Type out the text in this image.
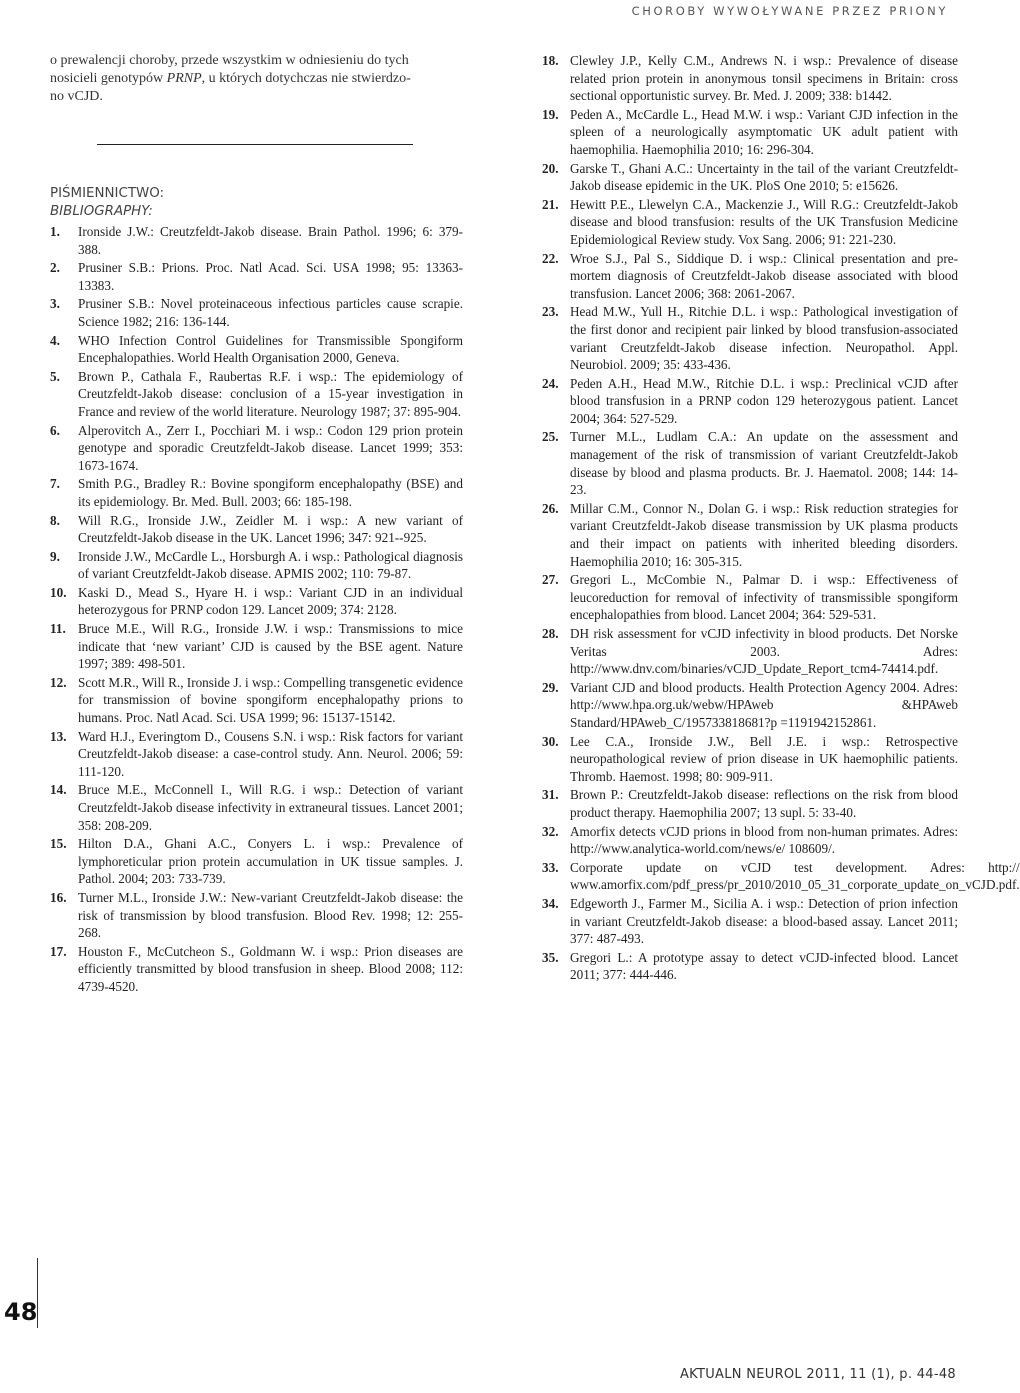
CHOROBY WYWOŁYWANE PRZEZ PRIONY

o prewalencji choroby, przede wszystkim w odniesieniu do tych
nosicieli genotypów PRNP, u których dotychczas nie stwierdzo-
no vCJD.

PIŚMIENNICTWO:

BIBLIOGRAPHY:

1.	Ironside J.W.: Creutzfeldt-Jakob disease. Brain Pathol. 1996; 6: 379-388.
2.	Prusiner S.B.: Prions. Proc. Natl Acad. Sci. USA 1998; 95: 13363-13383.
3.	Prusiner S.B.: Novel proteinaceous infectious particles cause scrapie. Science 1982; 216: 136-144.
4.	WHO Infection Control Guidelines for Transmissible Spongiform Encephalopathies. World Health Organisation 2000, Geneva.
5.	Brown P., Cathala F., Raubertas R.F. i wsp.: The epidemiology of Creutzfeldt-Jakob disease: conclusion of a 15-year investigation in France and review of the world literature. Neurology 1987; 37: 895-904.
6.	Alperovitch A., Zerr I., Pocchiari M. i wsp.: Codon 129 prion protein genotype and sporadic Creutzfeldt-Jakob disease. Lancet 1999; 353: 1673-1674.
7.	Smith P.G., Bradley R.: Bovine spongiform encephalopathy (BSE) and its epidemiology. Br. Med. Bull. 2003; 66: 185-198.
8.	Will R.G., Ironside J.W., Zeidler M. i wsp.: A new variant of Creutzfeldt-Jakob disease in the UK. Lancet 1996; 347: 921--925.
9.	Ironside J.W., McCardle L., Horsburgh A. i wsp.: Pathological diagnosis of variant Creutzfeldt-Jakob disease. APMIS 2002; 110: 79-87.
10. Kaski D., Mead S., Hyare H. i wsp.: Variant CJD in an individual heterozygous for PRNP codon 129. Lancet 2009; 374: 2128.
11. Bruce M.E., Will R.G., Ironside J.W. i wsp.: Transmissions to mice indicate that ‘new variant’ CJD is caused by the BSE agent. Nature 1997; 389: 498-501.
12. Scott M.R., Will R., Ironside J. i wsp.: Compelling transgenetic evidence for transmission of bovine spongiform encephalopathy prions to humans. Proc. Natl Acad. Sci. USA 1999; 96: 15137-15142.
13. Ward H.J., Everingtom D., Cousens S.N. i wsp.: Risk factors for variant Creutzfeldt-Jakob disease: a case-control study. Ann. Neurol. 2006; 59: 111-120.
14. Bruce M.E., McConnell I., Will R.G. i wsp.: Detection of variant Creutzfeldt-Jakob disease infectivity in extraneural tissues. Lancet 2001; 358: 208-209.
15. Hilton D.A., Ghani A.C., Conyers L. i wsp.: Prevalence of lymphoreticular prion protein accumulation in UK tissue samples. J. Pathol. 2004; 203: 733-739.
16. Turner M.L., Ironside J.W.: New-variant Creutzfeldt-Jakob disease: the risk of transmission by blood transfusion. Blood Rev. 1998; 12: 255-268.
17. Houston F., McCutcheon S., Goldmann W. i wsp.: Prion diseases are efficiently transmitted by blood transfusion in sheep. Blood 2008; 112: 4739-4520.
18. Clewley J.P., Kelly C.M., Andrews N. i wsp.: Prevalence of disease related prion protein in anonymous tonsil specimens in Britain: cross sectional opportunistic survey. Br. Med. J. 2009; 338: b1442.
19. Peden A., McCardle L., Head M.W. i wsp.: Variant CJD infection in the spleen of a neurologically asymptomatic UK adult patient with haemophilia. Haemophilia 2010; 16: 296-304.
20. Garske T., Ghani A.C.: Uncertainty in the tail of the variant Creutzfeldt-Jakob disease epidemic in the UK. PloS One 2010; 5: e15626.
21. Hewitt P.E., Llewelyn C.A., Mackenzie J., Will R.G.: Creutzfeldt-Jakob disease and blood transfusion: results of the UK Transfusion Medicine Epidemiological Review study. Vox Sang. 2006; 91: 221-230.
22. Wroe S.J., Pal S., Siddique D. i wsp.: Clinical presentation and pre-mortem diagnosis of Creutzfeldt-Jakob disease associated with blood transfusion. Lancet 2006; 368: 2061-2067.
23. Head M.W., Yull H., Ritchie D.L. i wsp.: Pathological investigation of the first donor and recipient pair linked by blood transfusion-associated variant Creutzfeldt-Jakob disease infection. Neuropathol. Appl. Neurobiol. 2009; 35: 433-436.
24. Peden A.H., Head M.W., Ritchie D.L. i wsp.: Preclinical vCJD after blood transfusion in a PRNP codon 129 heterozygous patient. Lancet 2004; 364: 527-529.
25. Turner M.L., Ludlam C.A.: An update on the assessment and management of the risk of transmission of variant Creutzfeldt-Jakob disease by blood and plasma products. Br. J. Haematol. 2008; 144: 14-23.
26. Millar C.M., Connor N., Dolan G. i wsp.: Risk reduction strategies for variant Creutzfeldt-Jakob disease transmission by UK plasma products and their impact on patients with inherited bleeding disorders. Haemophilia 2010; 16: 305-315.
27. Gregori L., McCombie N., Palmar D. i wsp.: Effectiveness of leucoreduction for removal of infectivity of transmissible spongiform encephalopathies from blood. Lancet 2004; 364: 529-531.
28. DH risk assessment for vCJD infectivity in blood products. Det Norske Veritas 2003. Adres: http://www.dnv.com/binaries/vCJD_Update_Report_tcm4-74414.pdf.
29. Variant CJD and blood products. Health Protection Agency 2004. Adres: http://www.hpa.org.uk/webw/HPAweb &HPAweb Standard/HPAweb_C/195733818681?p =1191942152861.
30. Lee C.A., Ironside J.W., Bell J.E. i wsp.: Retrospective neuropathological review of prion disease in UK haemophilic patients. Thromb. Haemost. 1998; 80: 909-911.
31. Brown P.: Creutzfeldt-Jakob disease: reflections on the risk from blood product therapy. Haemophilia 2007; 13 supl. 5: 33-40.
32. Amorfix detects vCJD prions in blood from non-human primates. Adres: http://www.analytica-world.com/news/e/ 108609/.
33. Corporate update on vCJD test development. Adres: http:// www.amorfix.com/pdf_press/pr_2010/2010_05_31_corporate_update_on_vCJD.pdf.
34. Edgeworth J., Farmer M., Sicilia A. i wsp.: Detection of prion infection in variant Creutzfeldt-Jakob disease: a blood-based assay. Lancet 2011; 377: 487-493.
35. Gregori L.: A prototype assay to detect vCJD-infected blood. Lancet 2011; 377: 444-446.
48
AKTUALN NEUROL 2011, 11 (1), p. 44-48
